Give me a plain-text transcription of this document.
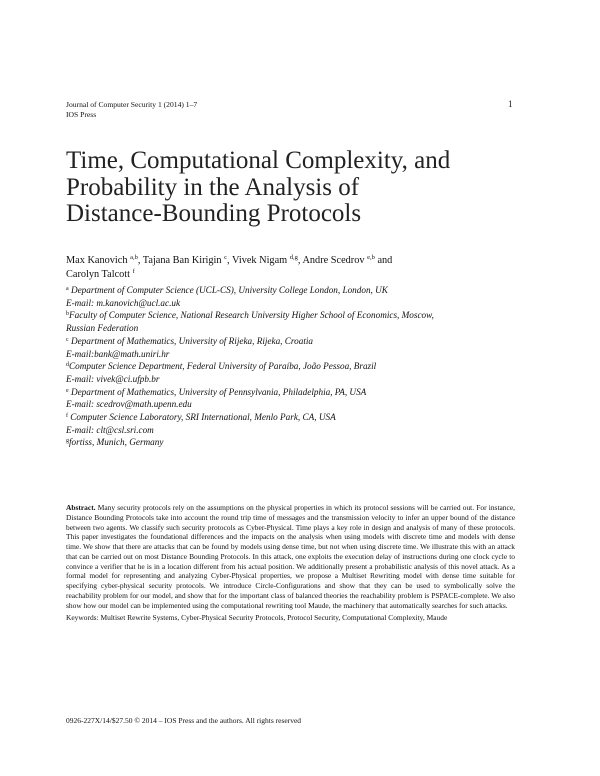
Journal of Computer Security 1 (2014) 1–7
IOS Press
1
Time, Computational Complexity, and
Probability in the Analysis of
Distance-Bounding Protocols
Max Kanovich $^{a,b}$, Tajana Ban Kirigin $^c$, Vivek Nigam $^{d,g}$, Andre Scedrov $^{e,b}$ and
Carolyn Talcott $^f$
$^a$ Department of Computer Science (UCL-CS), University College London, London, UK
E-mail: m.kanovich@ucl.ac.uk
$^b$Faculty of Computer Science, National Research University Higher School of Economics, Moscow,
Russian Federation
$^c$ Department of Mathematics, University of Rijeka, Rijeka, Croatia
E-mail:bank@math.uniri.hr
$^d$Computer Science Department, Federal University of Paraíba, João Pessoa, Brazil
E-mail: vivek@ci.ufpb.br
$^e$ Department of Mathematics, University of Pennsylvania, Philadelphia, PA, USA
E-mail: scedrov@math.upenn.edu
$^f$ Computer Science Laboratory, SRI International, Menlo Park, CA, USA
E-mail: clt@csl.sri.com
$^g$fortiss, Munich, Germany
Abstract. Many security protocols rely on the assumptions on the physical properties in which its protocol sessions will be carried out. For instance, Distance Bounding Protocols take into account the round trip time of messages and the transmission velocity to infer an upper bound of the distance between two agents. We classify such security protocols as Cyber-Physical. Time plays a key role in design and analysis of many of these protocols. This paper investigates the foundational differences and the impacts on the analysis when using models with discrete time and models with dense time. We show that there are attacks that can be found by models using dense time, but not when using discrete time. We illustrate this with an attack that can be carried out on most Distance Bounding Protocols. In this attack, one exploits the execution delay of instructions during one clock cycle to convince a verifier that he is in a location different from his actual position. We additionally present a probabilistic analysis of this novel attack. As a formal model for representing and analyzing Cyber-Physical properties, we propose a Multiset Rewriting model with dense time suitable for specifying cyber-physical security protocols. We introduce Circle-Configurations and show that they can be used to symbolically solve the reachability problem for our model, and show that for the important class of balanced theories the reachability problem is PSPACE-complete. We also show how our model can be implemented using the computational rewriting tool Maude, the machinery that automatically searches for such attacks.
Keywords: Multiset Rewrite Systems, Cyber-Physical Security Protocols, Protocol Security, Computational Complexity, Maude
0926-227X/14/$27.50 © 2014 – IOS Press and the authors. All rights reserved
